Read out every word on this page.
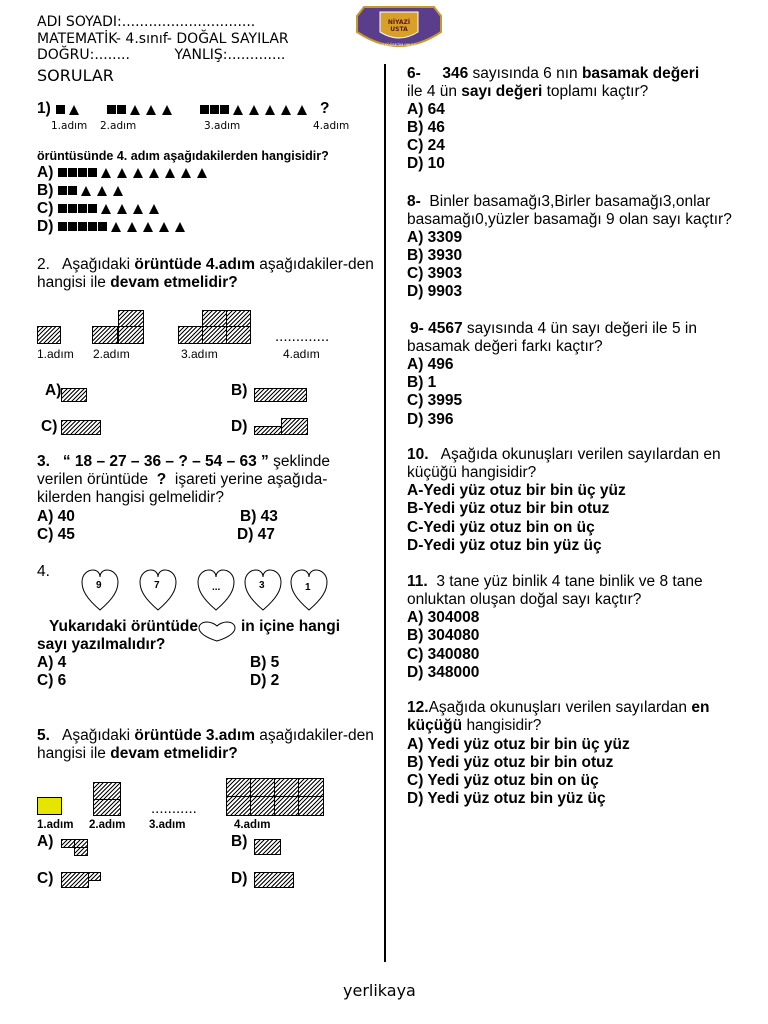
ADI SOYADI:..............................
MATEMATİK- 4.sınıf- DOĞAL SAYILAR
DOĞRU:........          YANLIŞ:.............
SORULAR
NİYAZİ
USTA
İLKÖĞRETİM OKULU
1)
	?
1.adım 2.adım	3.adım	4.adım
örüntüsünde 4. adım aşağıdakilerden hangisidir?
A)
B)
C)
D)
2. Aşağıdaki örüntüde 4.adım aşağıdakiler-den
hangisi ile devam etmelidir?
.............
1.adım 2.adım	3.adım	4.adım
A)	B)
C)	D)
3. “ 18 – 27 – 36 – ? – 54 – 63 ” şeklinde
verilen örüntüde ? işareti yerine aşağıda-
kilerden hangisi gelmelidir?
A) 40	B) 43
C) 45	D) 47
4.
9	7	...	3	1
Yukarıdaki örüntüde	in içine hangi
sayı yazılmalıdır?
A) 4	B) 5
C) 6	D) 2
5. Aşağıdaki örüntüde 3.adım aşağıdakiler-den
hangisi ile devam etmelidir?
...........
1.adım 2.adım 3.adım	4.adım
A)	B)
C)	D)
6- 346 sayısında 6 nın basamak değeri
ile 4 ün sayı değeri toplamı kaçtır?
A) 64
B) 46
C) 24
D) 10
8- Binler basamağı3,Birler basamağı3,onlar
basamağı0,yüzler basamağı 9 olan sayı kaçtır?
A) 3309
B) 3930
C) 3903
D) 9903
9- 4567 sayısında 4 ün sayı değeri ile 5 in
basamak değeri farkı kaçtır?
A) 496
B) 1
C) 3995
D) 396
10. Aşağıda okunuşları verilen sayılardan en
küçüğü hangisidir?
A-Yedi yüz otuz bir bin üç yüz
B-Yedi yüz otuz bir bin otuz
C-Yedi yüz otuz bin on üç
D-Yedi yüz otuz bin yüz üç
11. 3 tane yüz binlik 4 tane binlik ve 8 tane
onluktan oluşan doğal sayı kaçtır?
A) 304008
B) 304080
C) 340080
D) 348000
12.Aşağıda okunuşları verilen sayılardan en
küçüğü hangisidir?
A) Yedi yüz otuz bir bin üç yüz
B) Yedi yüz otuz bir bin otuz
C) Yedi yüz otuz bin on üç
D) Yedi yüz otuz bin yüz üç
yerlikaya
